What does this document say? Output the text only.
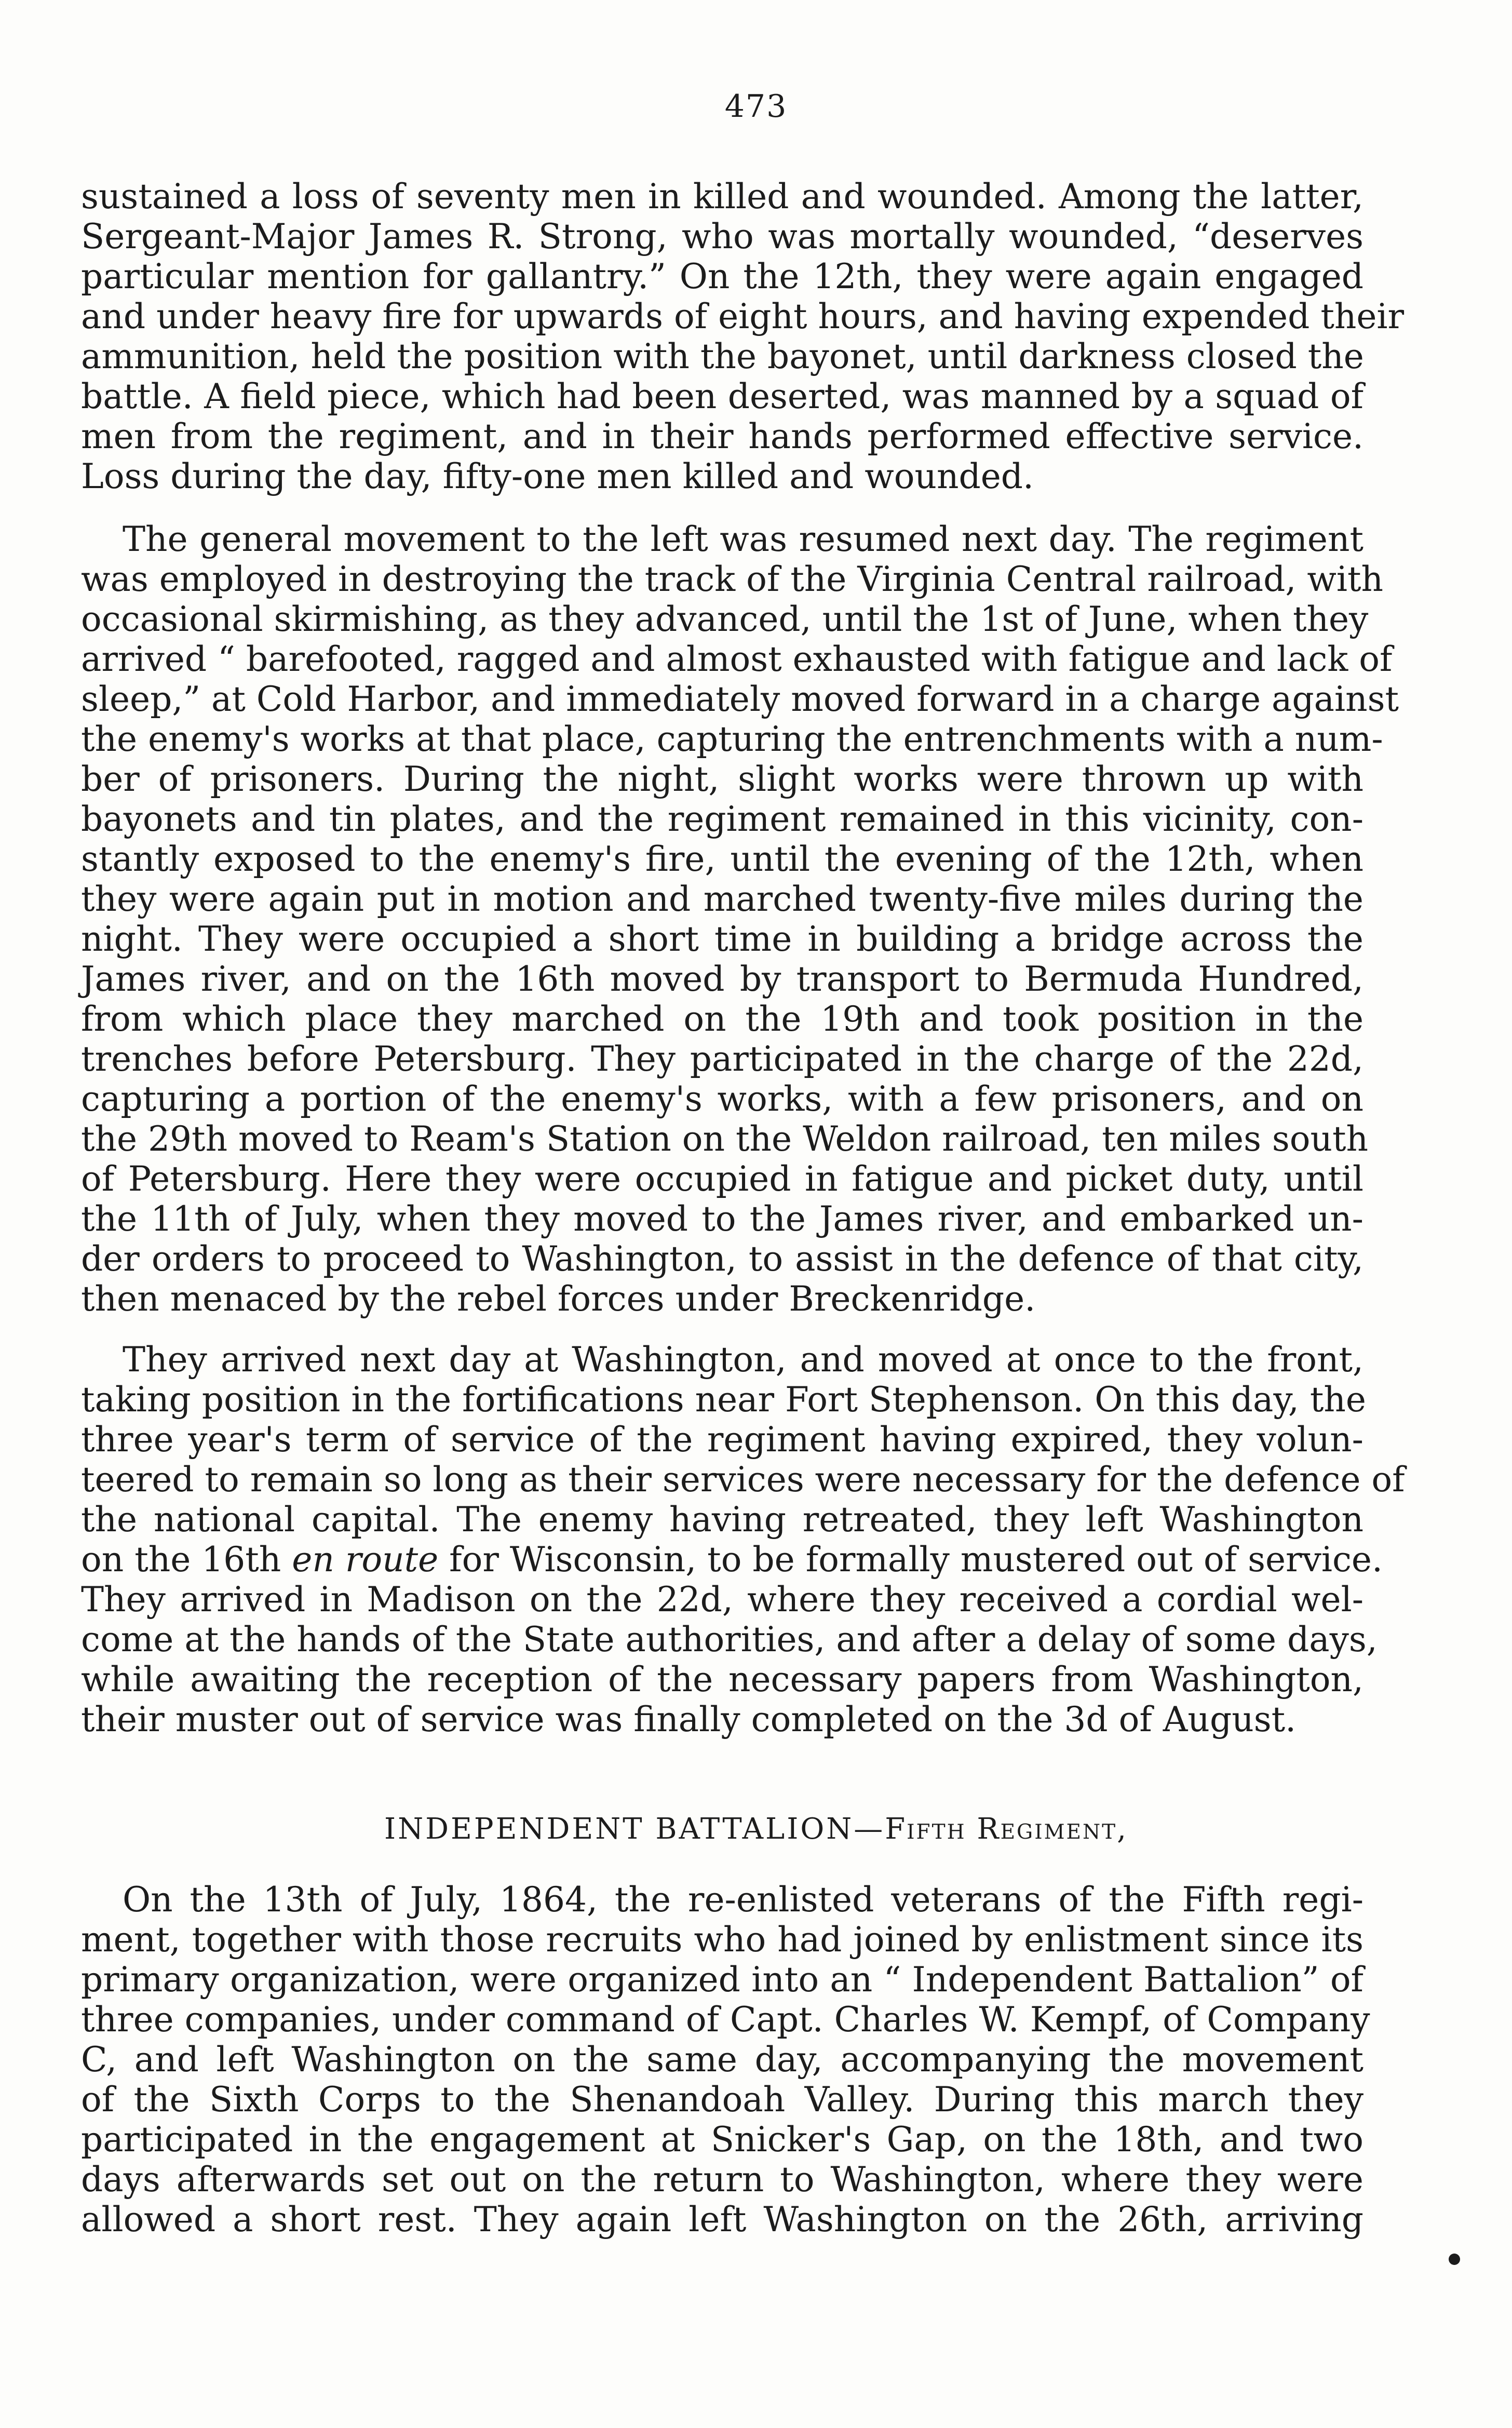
473
sustained a loss of seventy men in killed and wounded. Among the latter,
Sergeant-Major James R. Strong, who was mortally wounded, “deserves
particular mention for gallantry.” On the 12th, they were again engaged
and under heavy fire for upwards of eight hours, and having expended their
ammunition, held the position with the bayonet, until darkness closed the
battle. A field piece, which had been deserted, was manned by a squad of
men from the regiment, and in their hands performed effective service.
Loss during the day, fifty-one men killed and wounded.
The general movement to the left was resumed next day. The regiment
was employed in destroying the track of the Virginia Central railroad, with
occasional skirmishing, as they advanced, until the 1st of June, when they
arrived “ barefooted, ragged and almost exhausted with fatigue and lack of
sleep,” at Cold Harbor, and immediately moved forward in a charge against
the enemy's works at that place, capturing the entrenchments with a num-
ber of prisoners. During the night, slight works were thrown up with
bayonets and tin plates, and the regiment remained in this vicinity, con-
stantly exposed to the enemy's fire, until the evening of the 12th, when
they were again put in motion and marched twenty-five miles during the
night. They were occupied a short time in building a bridge across the
James river, and on the 16th moved by transport to Bermuda Hundred,
from which place they marched on the 19th and took position in the
trenches before Petersburg. They participated in the charge of the 22d,
capturing a portion of the enemy's works, with a few prisoners, and on
the 29th moved to Ream's Station on the Weldon railroad, ten miles south
of Petersburg. Here they were occupied in fatigue and picket duty, until
the 11th of July, when they moved to the James river, and embarked un-
der orders to proceed to Washington, to assist in the defence of that city,
then menaced by the rebel forces under Breckenridge.
They arrived next day at Washington, and moved at once to the front,
taking position in the fortifications near Fort Stephenson. On this day, the
three year's term of service of the regiment having expired, they volun-
teered to remain so long as their services were necessary for the defence of
the national capital. The enemy having retreated, they left Washington
on the 16th en route for Wisconsin, to be formally mustered out of service.
They arrived in Madison on the 22d, where they received a cordial wel-
come at the hands of the State authorities, and after a delay of some days,
while awaiting the reception of the necessary papers from Washington,
their muster out of service was finally completed on the 3d of August.
INDEPENDENT BATTALION—Fifth Regiment,
On the 13th of July, 1864, the re-enlisted veterans of the Fifth regi-
ment, together with those recruits who had joined by enlistment since its
primary organization, were organized into an “ Independent Battalion” of
three companies, under command of Capt. Charles W. Kempf, of Company
C, and left Washington on the same day, accompanying the movement
of the Sixth Corps to the Shenandoah Valley. During this march they
participated in the engagement at Snicker's Gap, on the 18th, and two
days afterwards set out on the return to Washington, where they were
allowed a short rest. They again left Washington on the 26th, arriving
